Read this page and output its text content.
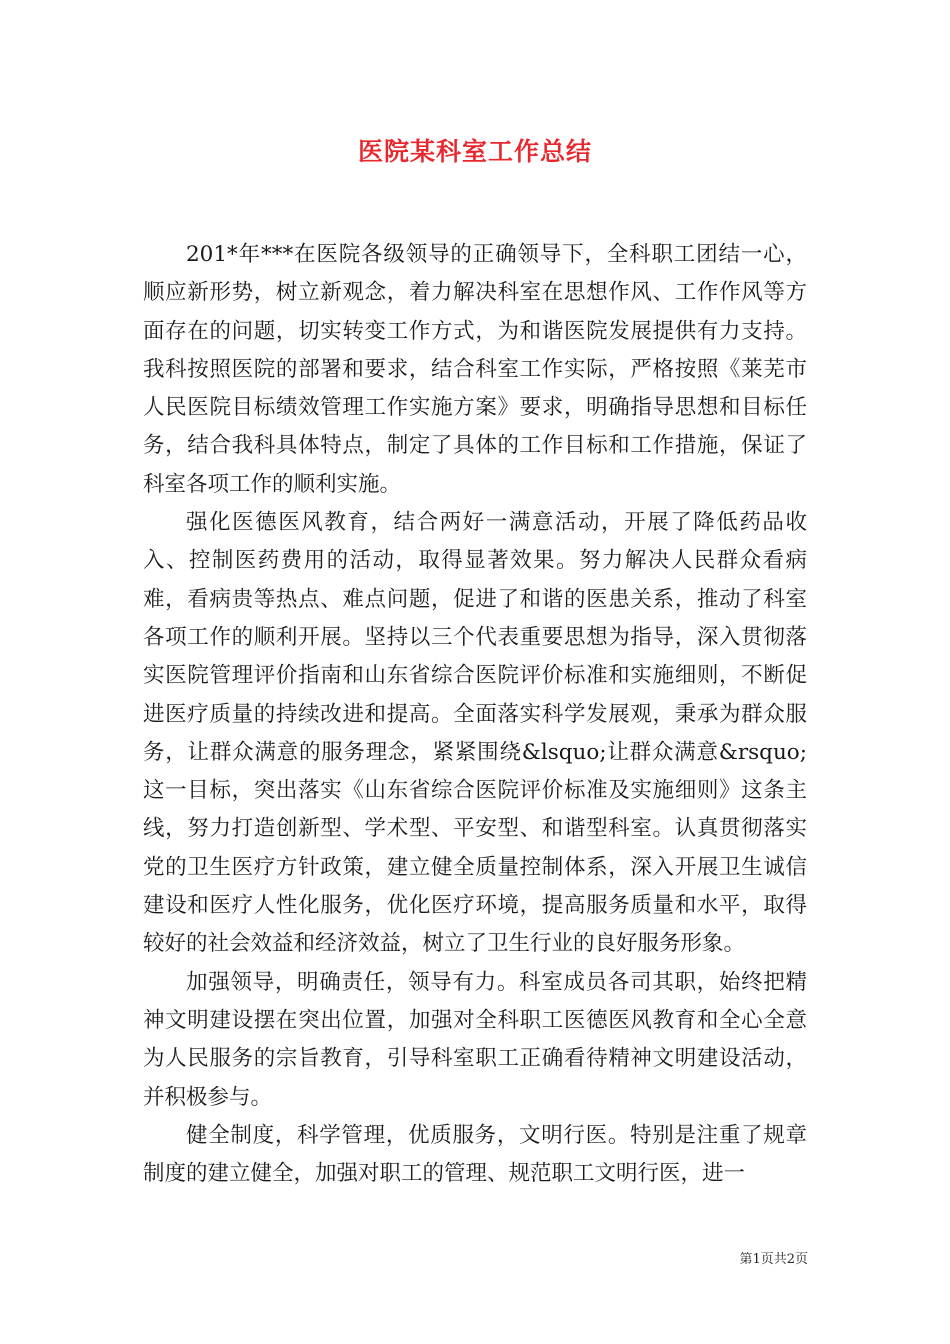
医院某科室工作总结

201*年***在医院各级领导的正确领导下，全科职工团结一心，顺应新形势，树立新观念，着力解决科室在思想作风、工作作风等方面存在的问题，切实转变工作方式，为和谐医院发展提供有力支持。我科按照医院的部署和要求，结合科室工作实际，严格按照《莱芜市人民医院目标绩效管理工作实施方案》要求，明确指导思想和目标任务，结合我科具体特点，制定了具体的工作目标和工作措施，保证了科室各项工作的顺利实施。

强化医德医风教育，结合两好一满意活动，开展了降低药品收入、控制医药费用的活动，取得显著效果。努力解决人民群众看病难，看病贵等热点、难点问题，促进了和谐的医患关系，推动了科室各项工作的顺利开展。坚持以三个代表重要思想为指导，深入贯彻落实医院管理评价指南和山东省综合医院评价标准和实施细则，不断促进医疗质量的持续改进和提高。全面落实科学发展观，秉承为群众服务，让群众满意的服务理念，紧紧围绕&lsquo;让群众满意&rsquo;这一目标，突出落实《山东省综合医院评价标准及实施细则》这条主线，努力打造创新型、学术型、平安型、和谐型科室。认真贯彻落实党的卫生医疗方针政策，建立健全质量控制体系，深入开展卫生诚信建设和医疗人性化服务，优化医疗环境，提高服务质量和水平，取得较好的社会效益和经济效益，树立了卫生行业的良好服务形象。

加强领导，明确责任，领导有力。科室成员各司其职，始终把精神文明建设摆在突出位置，加强对全科职工医德医风教育和全心全意为人民服务的宗旨教育，引导科室职工正确看待精神文明建设活动，并积极参与。

健全制度，科学管理，优质服务，文明行医。特别是注重了规章制度的建立健全，加强对职工的管理、规范职工文明行医，进一

第1页共2页
